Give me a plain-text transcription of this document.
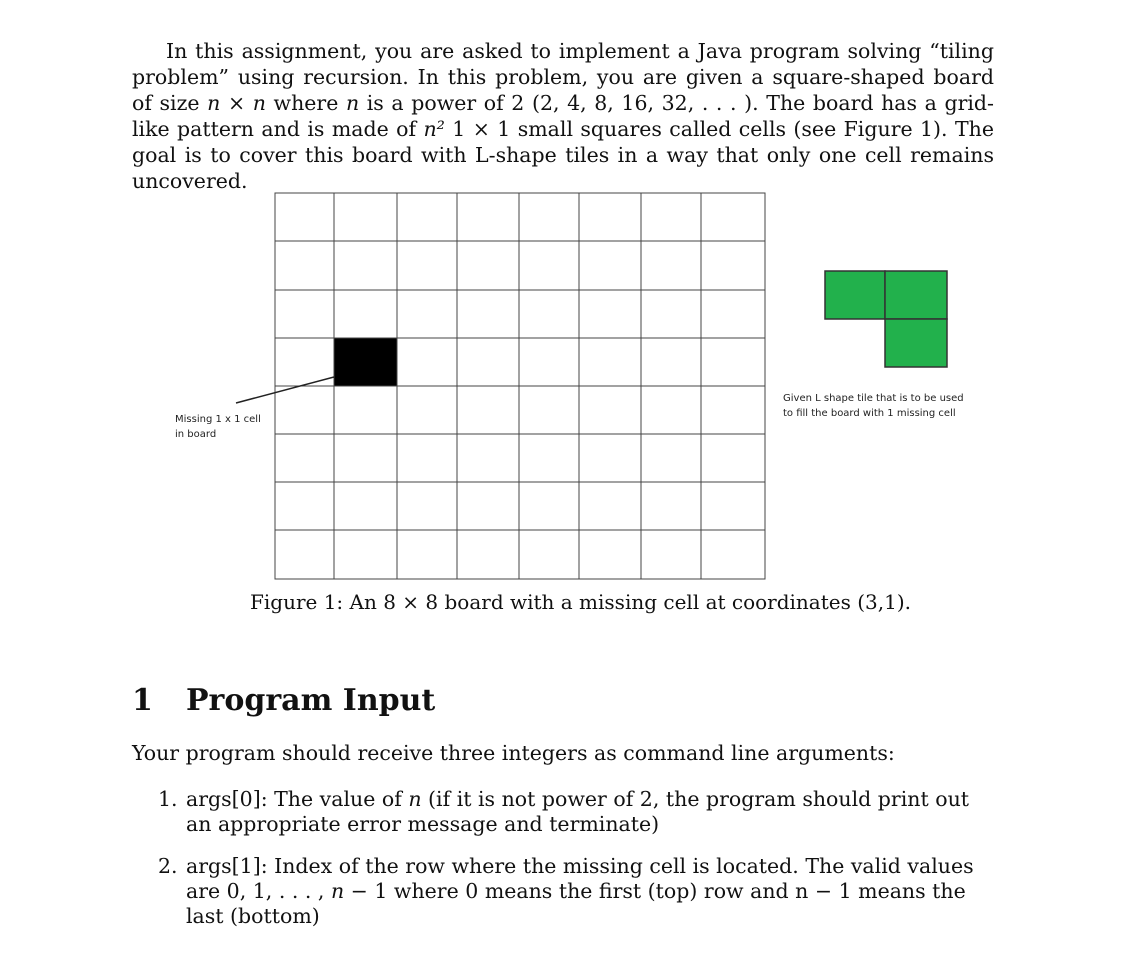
In this assignment, you are asked to implement a Java program solving “tiling problem” using recursion. In this problem, you are given a square-shaped board of size n × n where n is a power of 2 (2, 4, 8, 16, 32, . . . ). The board has a grid-like pattern and is made of n² 1 × 1 small squares called cells (see Figure 1). The goal is to cover this board with L-shape tiles in a way that only one cell remains uncovered.

Missing 1 x 1 cell
in board
Given L shape tile that is to be used
to fill the board with 1 missing cell

Figure 1: An 8 × 8 board with a missing cell at coordinates (3,1).

1 Program Input

Your program should receive three integers as command line arguments:

1. args[0]: The value of n (if it is not power of 2, the program should print out an appropriate error message and terminate)
2. args[1]: Index of the row where the missing cell is located. The valid values are 0, 1, . . . , n − 1 where 0 means the first (top) row and n − 1 means the last (bottom)
